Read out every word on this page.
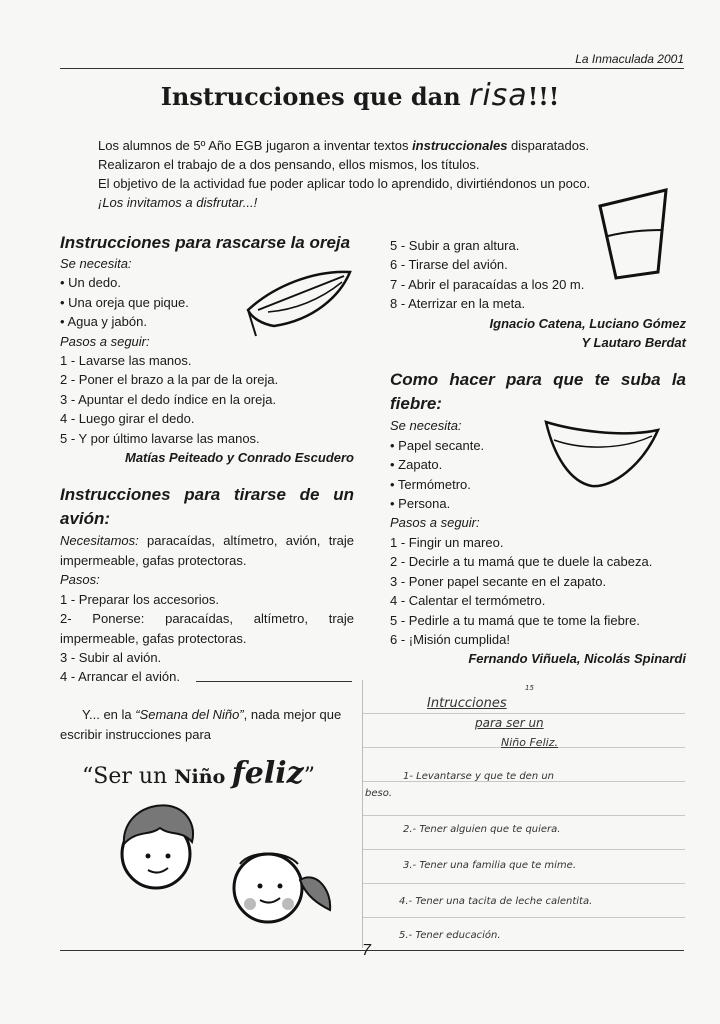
La Inmaculada 2001
Instrucciones que dan risa!!!
Los alumnos de 5º Año EGB jugaron a inventar textos instruccionales disparatados.
Realizaron el trabajo de a dos pensando, ellos mismos, los títulos.
El objetivo de la actividad fue poder aplicar todo lo aprendido, divirtiéndonos un poco.
¡Los invitamos a disfrutar...!

Instrucciones para rascarse la oreja

Se necesita:

• Un dedo.

• Una oreja que pique.

• Agua y jabón.

Pasos a seguir:

1 - Lavarse las manos.

2 - Poner el brazo a la par de la oreja.

3 - Apuntar el dedo índice en la oreja.

4 - Luego girar el dedo.

5 - Y por último lavarse las manos.

Matías Peiteado y Conrado Escudero

Instrucciones para tirarse de un avión:

Necesitamos: paracaídas, altímetro, avión, traje impermeable, gafas protectoras.

Pasos:

1 - Preparar los accesorios.

2- Ponerse: paracaídas, altímetro, traje impermeable, gafas protectoras.

3 - Subir al avión.

4 - Arrancar el avión.

5 - Subir a gran altura.

6 - Tirarse del avión.

7 - Abrir el paracaídas a los 20 m.

8 - Aterrizar en la meta.

Ignacio Catena, Luciano Gómez

Y Lautaro Berdat

Como hacer para que te suba la fiebre:

Se necesita:

• Papel secante.

• Zapato.

• Termómetro.

• Persona.

Pasos a seguir:

1 - Fingir un mareo.

2 - Decirle a tu mamá que te duele la cabeza.

3 - Poner papel secante en el zapato.

4 - Calentar el termómetro.

5 - Pedirle a tu mamá que te tome la fiebre.

6 - ¡Misión cumplida!

Fernando Viñuela, Nicolás Spinardi

Y... en la “Semana del Niño”, nada mejor que escribir instrucciones para
“Ser un Niño feliz”
15
Intrucciones
para ser un
Niño Feliz.
1- Levantarse y que te den un
beso.
2.- Tener alguien que te quiera.
3.- Tener una familia que te mime.
4.- Tener una tacita de leche calentita.
5.- Tener educación.
7
